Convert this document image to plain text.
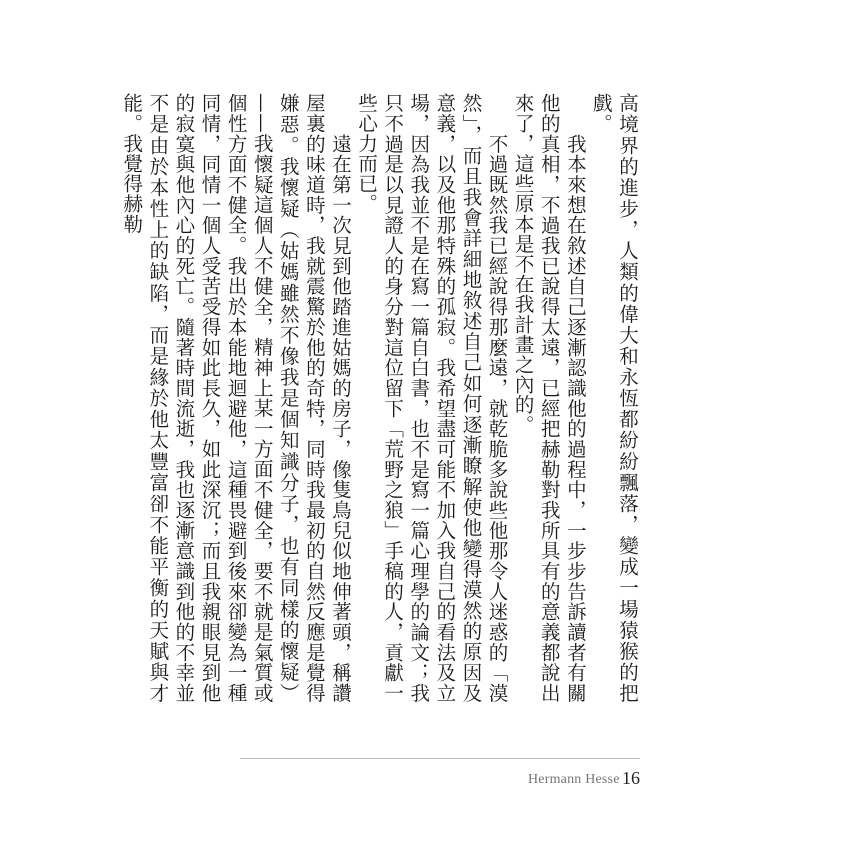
高境界的進步，人類的偉大和永恆都紛紛飄落，變成一場猿猴的把戲。

　　我本來想在敘述自己逐漸認識他的過程中，一步步告訴讀者有關他的真相，不過我已說得太遠，已經把赫勒對我所具有的意義都說出來了，這些原本是不在我計畫之內的。

　　不過既然我已經說得那麼遠，就乾脆多說些他那令人迷惑的「漠然」，而且我會詳細地敘述自己如何逐漸瞭解使他變得漠然的原因及意義，以及他那特殊的孤寂。我希望盡可能不加入我自己的看法及立場，因為我並不是在寫一篇自白書，也不是寫一篇心理學的論文；我只不過是以見證人的身分對這位留下「荒野之狼」手稿的人，貢獻一些心力而已。

　　遠在第一次見到他踏進姑媽的房子，像隻鳥兒似地伸著頭，稱讚屋裏的味道時，我就震驚於他的奇特，同時我最初的自然反應是覺得嫌惡。我懷疑（姑媽雖然不像我是個知識分子，也有同樣的懷疑）——我懷疑這個人不健全，精神上某一方面不健全，要不就是氣質或個性方面不健全。我出於本能地迴避他，這種畏避到後來卻變為一種同情，同情一個人受苦受得如此長久，如此深沉；而且我親眼見到他的寂寞與他內心的死亡。隨著時間流逝，我也逐漸意識到他的不幸並不是由於本性上的缺陷，而是緣於他太豐富卻不能平衡的天賦與才能。我覺得赫勒

Hermann Hesse 16
